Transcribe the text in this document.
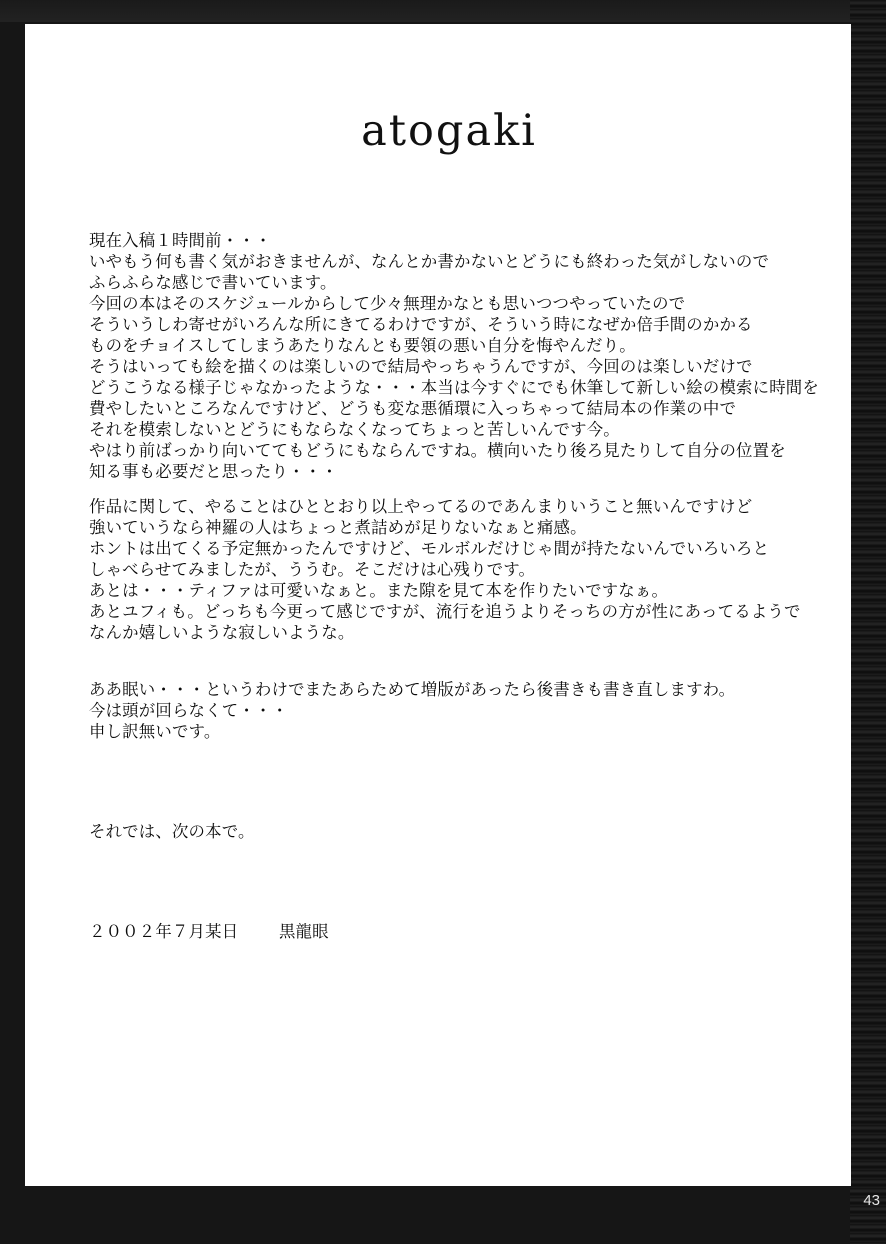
atogaki
現在入稿１時間前・・・
いやもう何も書く気がおきませんが、なんとか書かないとどうにも終わった気がしないので
ふらふらな感じで書いています。
今回の本はそのスケジュールからして少々無理かなとも思いつつやっていたので
そういうしわ寄せがいろんな所にきてるわけですが、そういう時になぜか倍手間のかかる
ものをチョイスしてしまうあたりなんとも要領の悪い自分を悔やんだり。
そうはいっても絵を描くのは楽しいので結局やっちゃうんですが、今回のは楽しいだけで
どうこうなる様子じゃなかったような・・・本当は今すぐにでも休筆して新しい絵の模索に時間を
費やしたいところなんですけど、どうも変な悪循環に入っちゃって結局本の作業の中で
それを模索しないとどうにもならなくなってちょっと苦しいんです今。
やはり前ばっかり向いててもどうにもならんですね。横向いたり後ろ見たりして自分の位置を
知る事も必要だと思ったり・・・
作品に関して、やることはひととおり以上やってるのであんまりいうこと無いんですけど
強いていうなら神羅の人はちょっと煮詰めが足りないなぁと痛感。
ホントは出てくる予定無かったんですけど、モルボルだけじゃ間が持たないんでいろいろと
しゃべらせてみましたが、ううむ。そこだけは心残りです。
あとは・・・ティファは可愛いなぁと。また隙を見て本を作りたいですなぁ。
あとユフィも。どっちも今更って感じですが、流行を追うよりそっちの方が性にあってるようで
なんか嬉しいような寂しいような。
ああ眠い・・・というわけでまたあらためて増版があったら後書きも書き直しますわ。
今は頭が回らなくて・・・
申し訳無いです。
それでは、次の本で。
２００２年７月某日 黒龍眼
43
